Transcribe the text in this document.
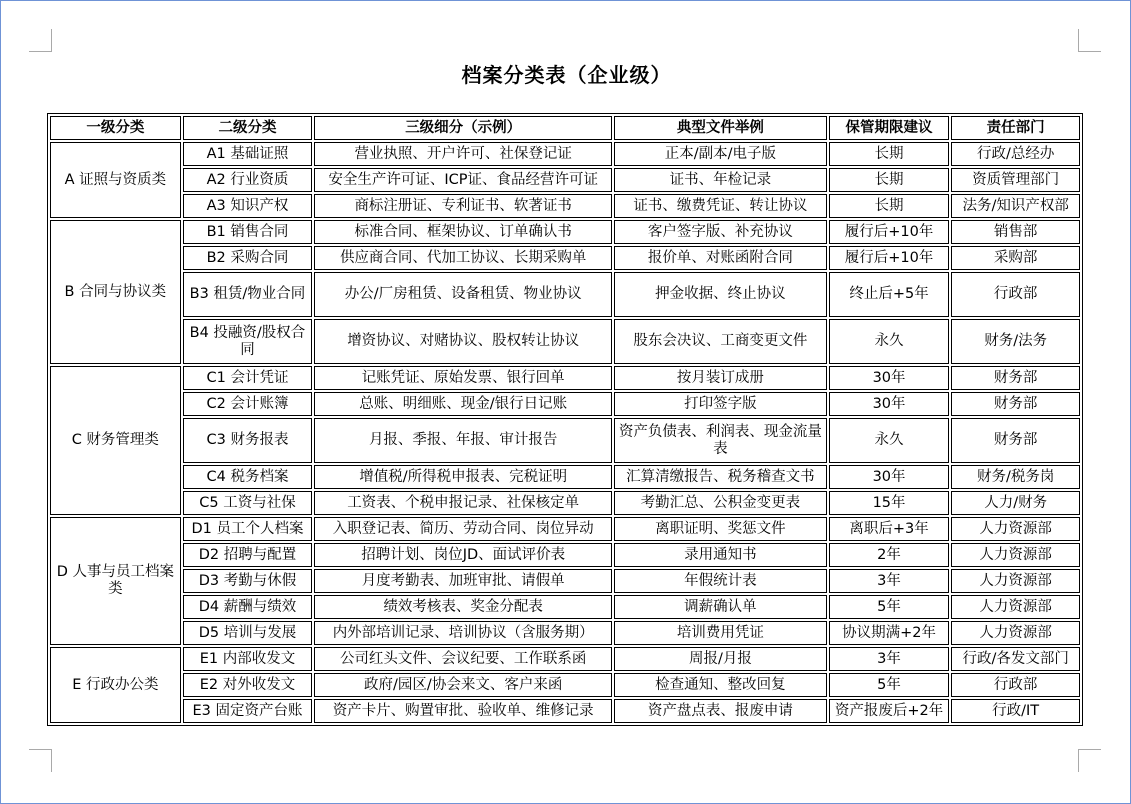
档案分类表（企业级）
一级分类	二级分类	三级细分（示例）	典型文件举例	保管期限建议	责任部门
A 证照与资质类	A1 基础证照	营业执照、开户许可、社保登记证	正本/副本/电子版	长期	行政/总经办
	A2 行业资质	安全生产许可证、ICP证、食品经营许可证	证书、年检记录	长期	资质管理部门
	A3 知识产权	商标注册证、专利证书、软著证书	证书、缴费凭证、转让协议	长期	法务/知识产权部
B 合同与协议类	B1 销售合同	标准合同、框架协议、订单确认书	客户签字版、补充协议	履行后+10年	销售部
	B2 采购合同	供应商合同、代加工协议、长期采购单	报价单、对账函附合同	履行后+10年	采购部
	B3 租赁/物业合同	办公/厂房租赁、设备租赁、物业协议	押金收据、终止协议	终止后+5年	行政部
	B4 投融资/股权合同	增资协议、对赌协议、股权转让协议	股东会决议、工商变更文件	永久	财务/法务
C 财务管理类	C1 会计凭证	记账凭证、原始发票、银行回单	按月装订成册	30年	财务部
	C2 会计账簿	总账、明细账、现金/银行日记账	打印签字版	30年	财务部
	C3 财务报表	月报、季报、年报、审计报告	资产负债表、利润表、现金流量表	永久	财务部
	C4 税务档案	增值税/所得税申报表、完税证明	汇算清缴报告、税务稽查文书	30年	财务/税务岗
	C5 工资与社保	工资表、个税申报记录、社保核定单	考勤汇总、公积金变更表	15年	人力/财务
D 人事与员工档案类	D1 员工个人档案	入职登记表、简历、劳动合同、岗位异动	离职证明、奖惩文件	离职后+3年	人力资源部
	D2 招聘与配置	招聘计划、岗位JD、面试评价表	录用通知书	2年	人力资源部
	D3 考勤与休假	月度考勤表、加班审批、请假单	年假统计表	3年	人力资源部
	D4 薪酬与绩效	绩效考核表、奖金分配表	调薪确认单	5年	人力资源部
	D5 培训与发展	内外部培训记录、培训协议（含服务期）	培训费用凭证	协议期满+2年	人力资源部
E 行政办公类	E1 内部收发文	公司红头文件、会议纪要、工作联系函	周报/月报	3年	行政/各发文部门
	E2 对外收发文	政府/园区/协会来文、客户来函	检查通知、整改回复	5年	行政部
	E3 固定资产台账	资产卡片、购置审批、验收单、维修记录	资产盘点表、报废申请	资产报废后+2年	行政/IT
